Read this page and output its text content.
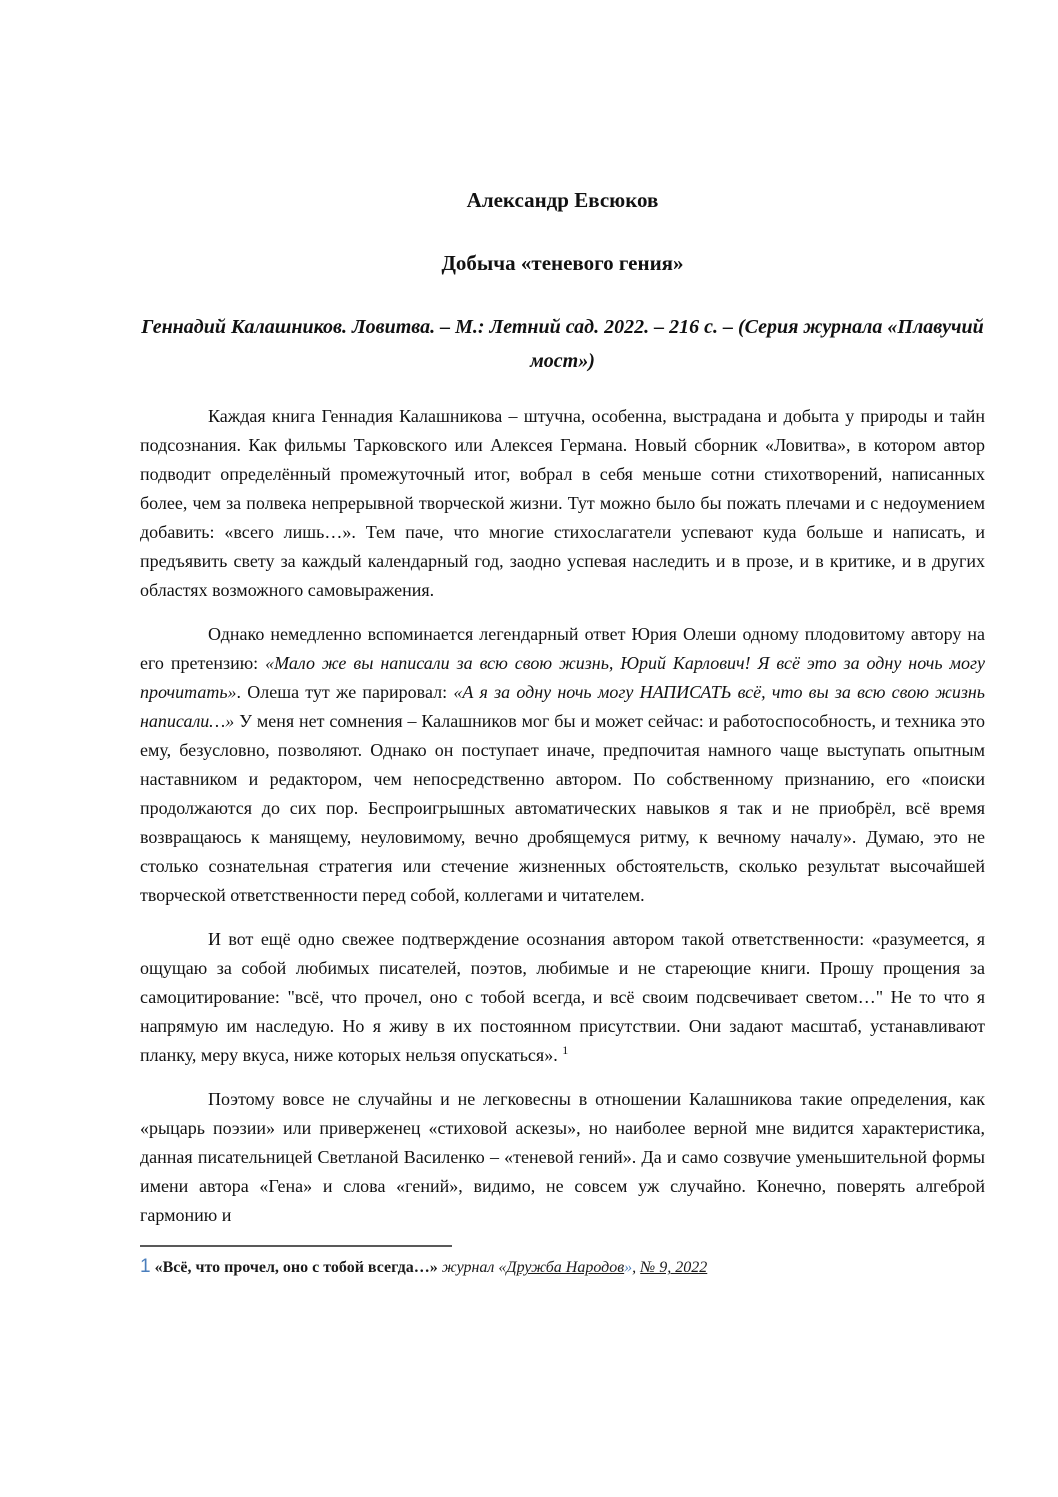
Александр Евсюков
Добыча «теневого гения»
Геннадий Калашников. Ловитва. – М.: Летний сад. 2022. – 216 с. – (Серия журнала «Плавучий мост»)

Каждая книга Геннадия Калашникова – штучна, особенна, выстрадана и добыта у природы и тайн подсознания. Как фильмы Тарковского или Алексея Германа. Новый сборник «Ловитва», в котором автор подводит определённый промежуточный итог, вобрал в себя меньше сотни стихотворений, написанных более, чем за полвека непрерывной творческой жизни. Тут можно было бы пожать плечами и с недоумением добавить: «всего лишь…». Тем паче, что многие стихослагатели успевают куда больше и написать, и предъявить свету за каждый календарный год, заодно успевая наследить и в прозе, и в критике, и в других областях возможного самовыражения.

Однако немедленно вспоминается легендарный ответ Юрия Олеши одному плодовитому автору на его претензию: «Мало же вы написали за всю свою жизнь, Юрий Карлович! Я всё это за одну ночь могу прочитать». Олеша тут же парировал: «А я за одну ночь могу НАПИСАТЬ всё, что вы за всю свою жизнь написали…» У меня нет сомнения – Калашников мог бы и может сейчас: и работоспособность, и техника это ему, безусловно, позволяют. Однако он поступает иначе, предпочитая намного чаще выступать опытным наставником и редактором, чем непосредственно автором. По собственному признанию, его «поиски продолжаются до сих пор. Беспроигрышных автоматических навыков я так и не приобрёл, всё время возвращаюсь к манящему, неуловимому, вечно дробящемуся ритму, к вечному началу». Думаю, это не столько сознательная стратегия или стечение жизненных обстоятельств, сколько результат высочайшей творческой ответственности перед собой, коллегами и читателем.

И вот ещё одно свежее подтверждение осознания автором такой ответственности: «разумеется, я ощущаю за собой любимых писателей, поэтов, любимые и не стареющие книги. Прошу прощения за самоцитирование: "всё, что прочел, оно с тобой всегда, и всё своим подсвечивает светом…" Не то что я напрямую им наследую. Но я живу в их постоянном присутствии. Они задают масштаб, устанавливают планку, меру вкуса, ниже которых нельзя опускаться». $^1$

Поэтому вовсе не случайны и не легковесны в отношении Калашникова такие определения, как «рыцарь поэзии» или приверженец «стиховой аскезы», но наиболее верной мне видится характеристика, данная писательницей Светланой Василенко – «теневой гений». Да и само созвучие уменьшительной формы имени автора «Гена» и слова «гений», видимо, не совсем уж случайно. Конечно, поверять алгеброй гармонию и

1 «Всё, что прочел, оно с тобой всегда…» журнал «Дружба Народов», № 9, 2022
